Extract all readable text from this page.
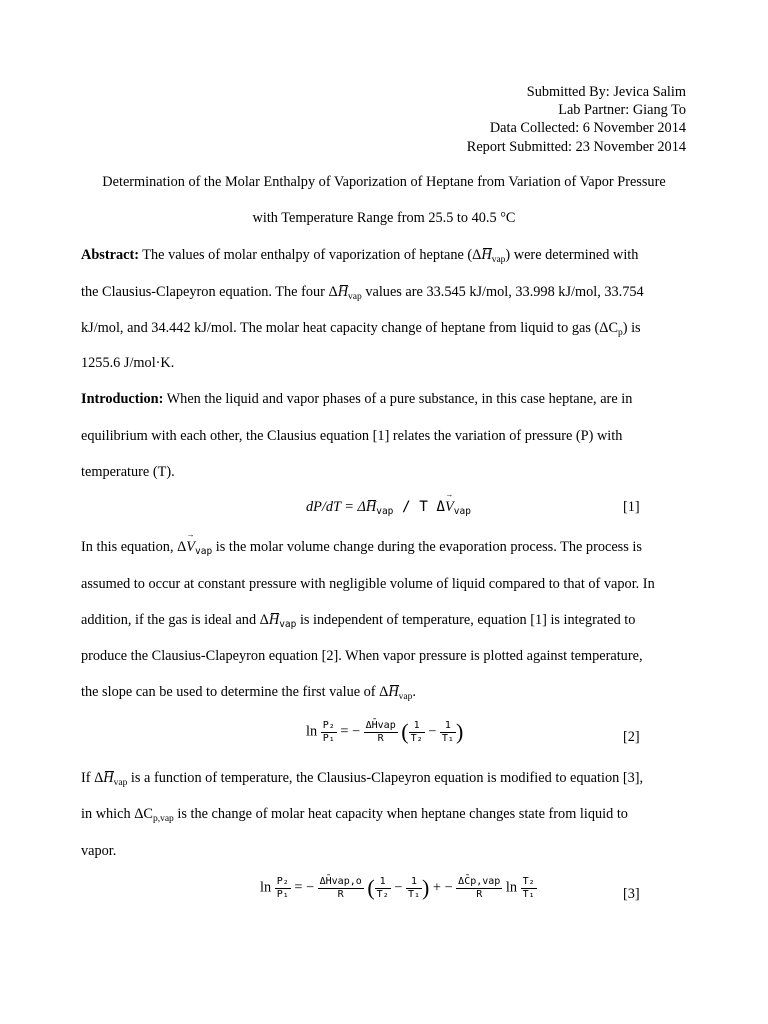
Submitted By: Jevica Salim
Lab Partner: Giang To
Data Collected: 6 November 2014
Report Submitted: 23 November 2014
Determination of the Molar Enthalpy of Vaporization of Heptane from Variation of Vapor Pressure
with Temperature Range from 25.5 to 40.5 °C
Abstract: The values of molar enthalpy of vaporization of heptane $(\Delta H_{vap})$ were determined with
the Clausius-Clapeyron equation. The four $\Delta H_{vap}$ values are 33.545 kJ/mol, 33.998 kJ/mol, 33.754
kJ/mol, and 34.442 kJ/mol. The molar heat capacity change of heptane from liquid to gas $(\Delta C_p)$ is
1255.6 J/mol·K.
Introduction: When the liquid and vapor phases of a pure substance, in this case heptane, are in
equilibrium with each other, the Clausius equation [1] relates the variation of pressure (P) with
temperature (T).
$dP/dT = \Delta H_{vap} / T$ $\Delta\to V_{vap}$	[1]
In this equation, $\Delta\to V_{vap}$ is the molar volume change during the evaporation process. The process is
assumed to occur at constant pressure with negligible volume of liquid compared to that of vapor. In
addition, if the gas is ideal and $\Delta H_{vap}$ is independent of temperature, equation [1] is integrated to
produce the Clausius-Clapeyron equation [2]. When vapor pressure is plotted against temperature,
the slope can be used to determine the first value of $\Delta H_{vap}$.
$\ln \frac{\text{P₂}}{\text{P₁}}$ = − $\frac{\text{ΔH̄vap}}{R}$ ( $\frac{1}{\text{T₂}} - \frac{1}{\text{T₁}}$ )	[2]
If $\Delta H_{vap}$ is a function of temperature, the Clausius-Clapeyron equation is modified to equation [3],
in which $\Delta C_{p,vap}$ is the change of molar heat capacity when heptane changes state from liquid to
vapor.
$\ln \frac{\text{P₂}}{\text{P₁}}$ = − $\frac{\text{ΔH̄vap,o}}{R}$ ( $\frac{1}{\text{T₂}} - \frac{1}{\text{T₁}}$ ) + − $\frac{\text{ΔC̄p,vap}}{R}$ $\ln \frac{\text{T₂}}{\text{T₁}}$	[3]
